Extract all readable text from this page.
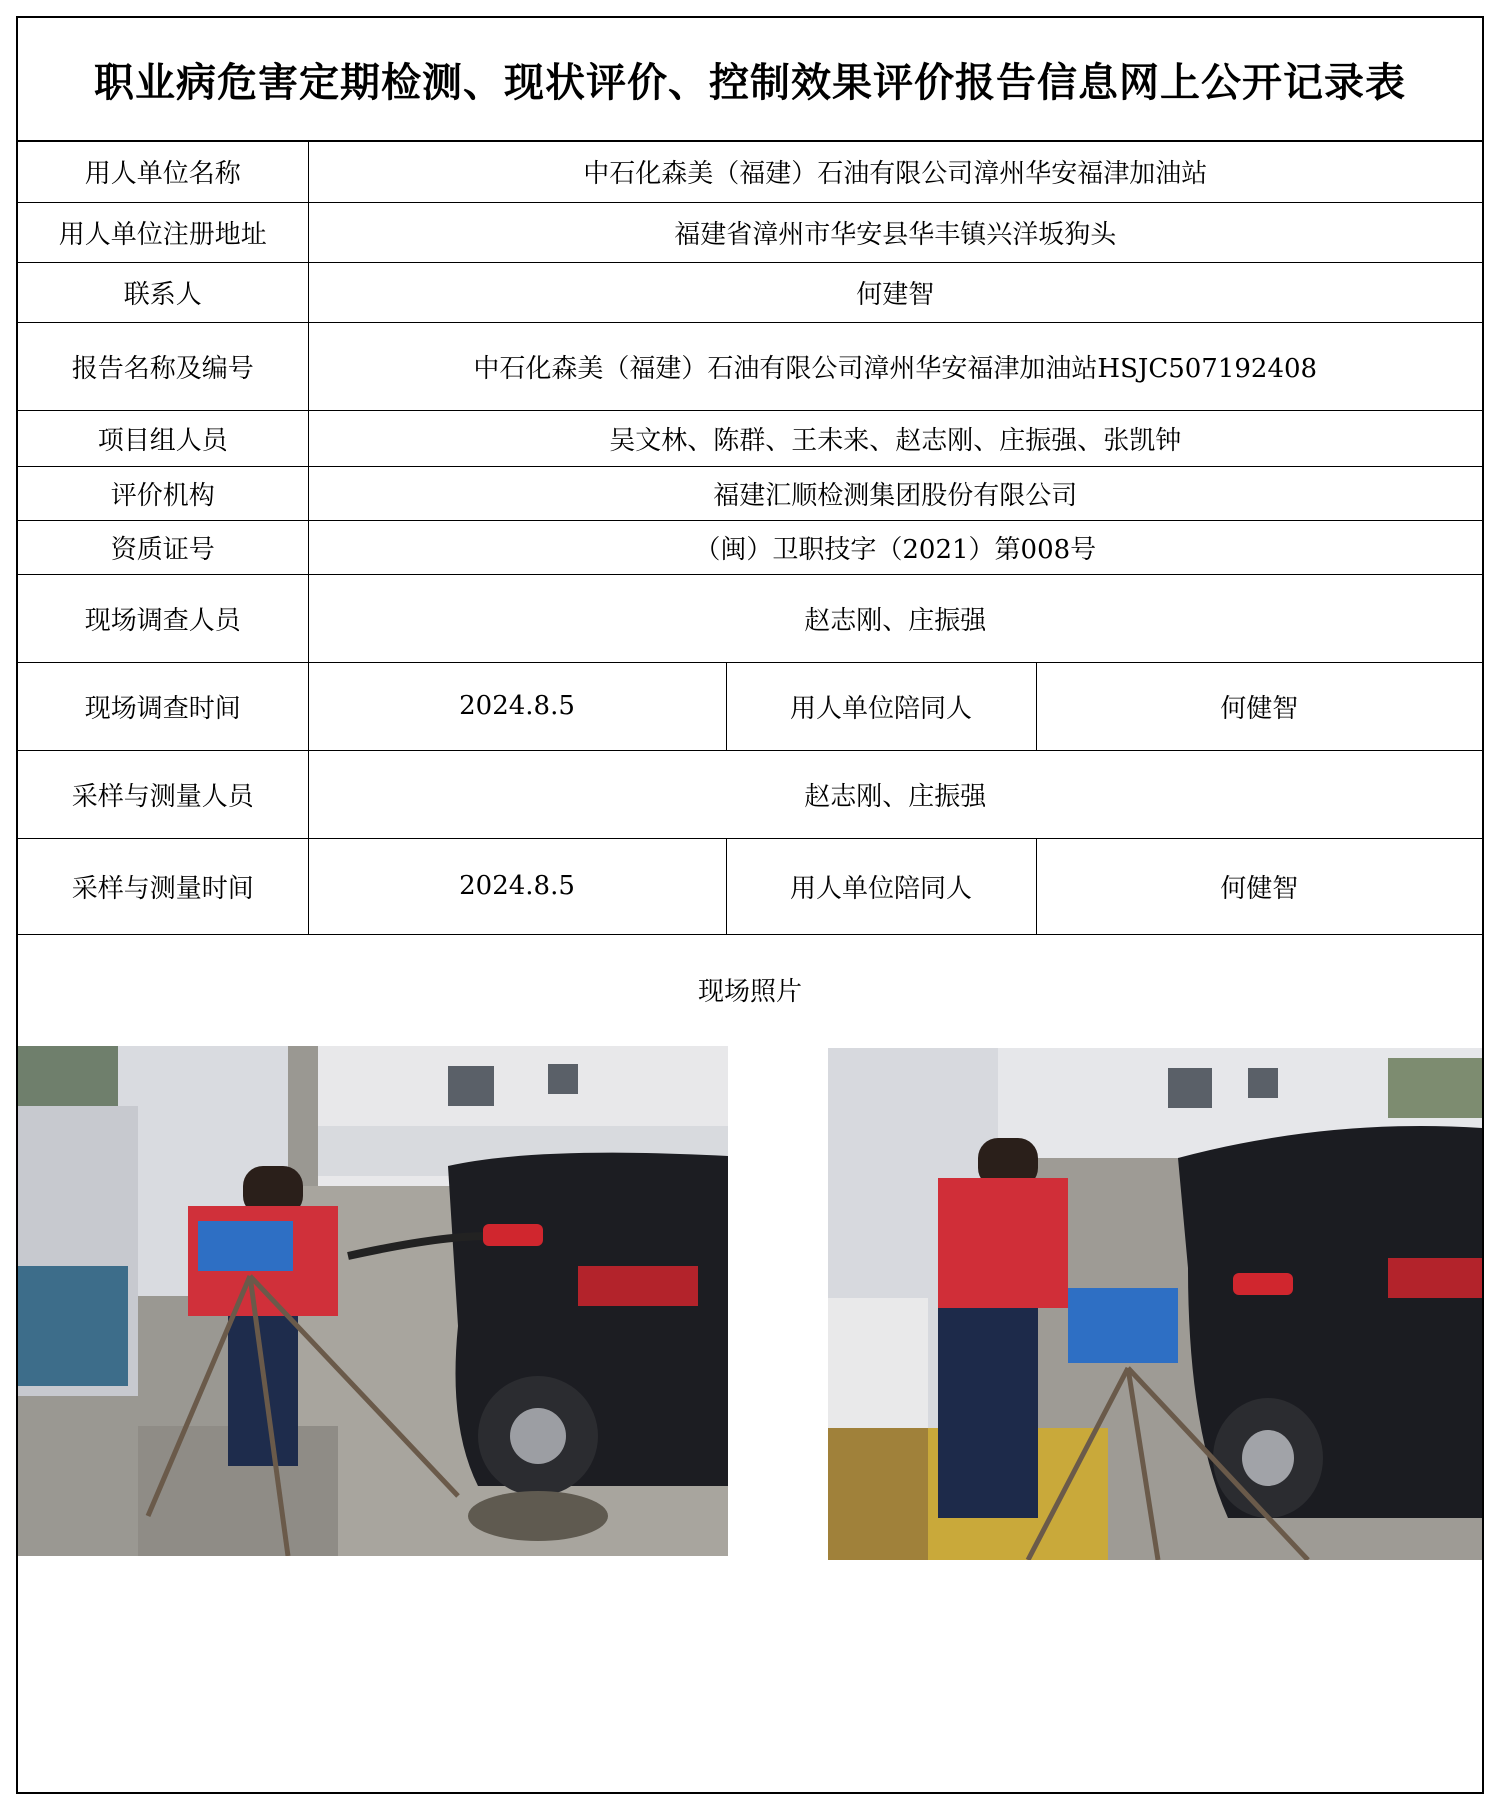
职业病危害定期检测、现状评价、控制效果评价报告信息网上公开记录表
用人单位名称	中石化森美（福建）石油有限公司漳州华安福津加油站		
用人单位注册地址	福建省漳州市华安县华丰镇兴洋坂狗头		
联系人	何建智		
报告名称及编号	中石化森美（福建）石油有限公司漳州华安福津加油站HSJC507192408		
项目组人员	吴文林、陈群、王未来、赵志刚、庄振强、张凯钟		
评价机构	福建汇顺检测集团股份有限公司		
资质证号	（闽）卫职技字（2021）第008号		
现场调查人员	赵志刚、庄振强		
现场调查时间	2024.8.5	用人单位陪同人	何健智
采样与测量人员	赵志刚、庄振强		
采样与测量时间	2024.8.5	用人单位陪同人	何健智
现场照片
